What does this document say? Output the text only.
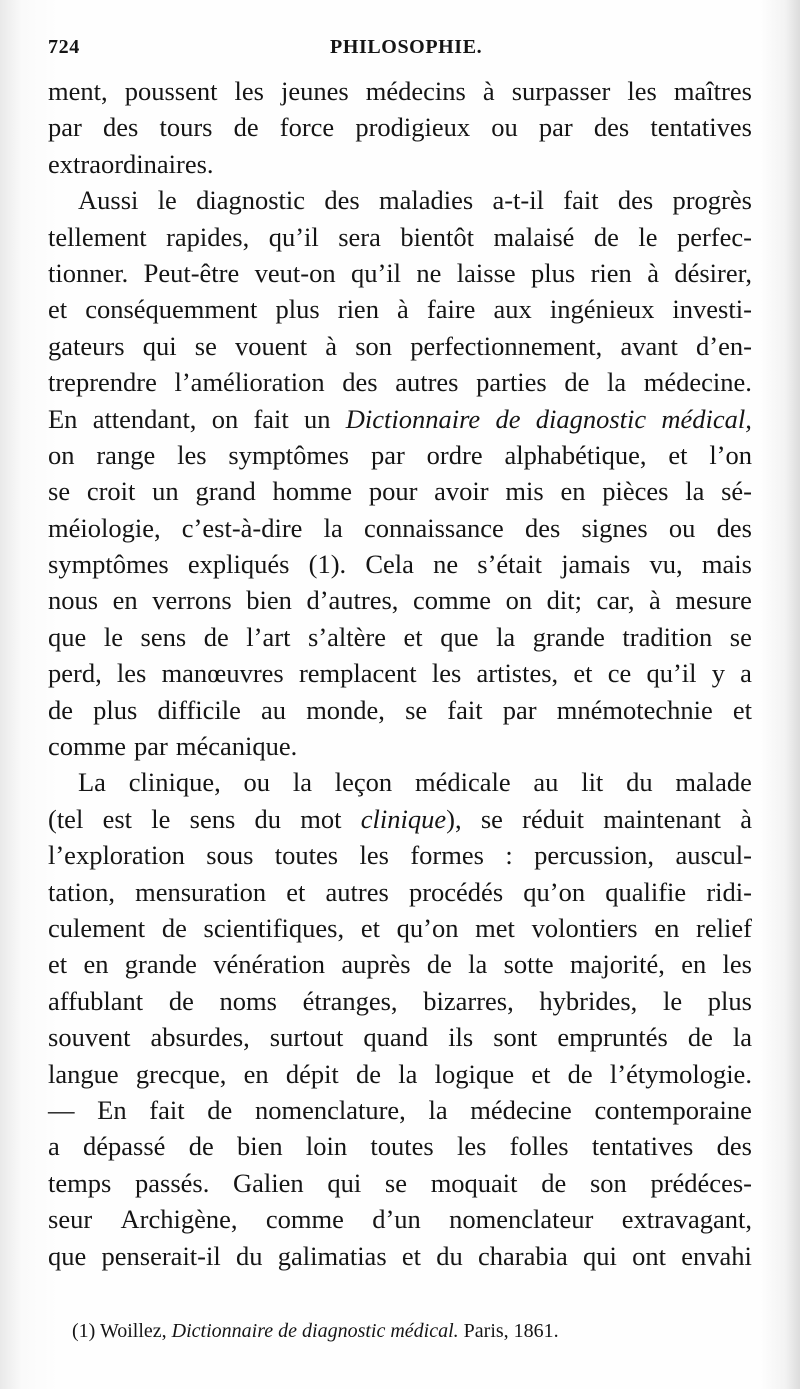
724	PHILOSOPHIE.
ment, poussent les jeunes médecins à surpasser les maîtres
par des tours de force prodigieux ou par des tentatives
extraordinaires.
Aussi le diagnostic des maladies a-t-il fait des progrès
tellement rapides, qu’il sera bientôt malaisé de le perfec-
tionner. Peut-être veut-on qu’il ne laisse plus rien à désirer,
et conséquemment plus rien à faire aux ingénieux investi-
gateurs qui se vouent à son perfectionnement, avant d’en-
treprendre l’amélioration des autres parties de la médecine.
En attendant, on fait un Dictionnaire de diagnostic médical,
on range les symptômes par ordre alphabétique, et l’on
se croit un grand homme pour avoir mis en pièces la sé-
méiologie, c’est-à-dire la connaissance des signes ou des
symptômes expliqués (1). Cela ne s’était jamais vu, mais
nous en verrons bien d’autres, comme on dit; car, à mesure
que le sens de l’art s’altère et que la grande tradition se
perd, les manœuvres remplacent les artistes, et ce qu’il y a
de plus difficile au monde, se fait par mnémotechnie et
comme par mécanique.
La clinique, ou la leçon médicale au lit du malade
(tel est le sens du mot clinique), se réduit maintenant à
l’exploration sous toutes les formes : percussion, auscul-
tation, mensuration et autres procédés qu’on qualifie ridi-
culement de scientifiques, et qu’on met volontiers en relief
et en grande vénération auprès de la sotte majorité, en les
affublant de noms étranges, bizarres, hybrides, le plus
souvent absurdes, surtout quand ils sont empruntés de la
langue grecque, en dépit de la logique et de l’étymologie.
— En fait de nomenclature, la médecine contemporaine
a dépassé de bien loin toutes les folles tentatives des
temps passés. Galien qui se moquait de son prédéces-
seur Archigène, comme d’un nomenclateur extravagant,
que penserait-il du galimatias et du charabia qui ont envahi
(1) Woillez, Dictionnaire de diagnostic médical. Paris, 1861.
